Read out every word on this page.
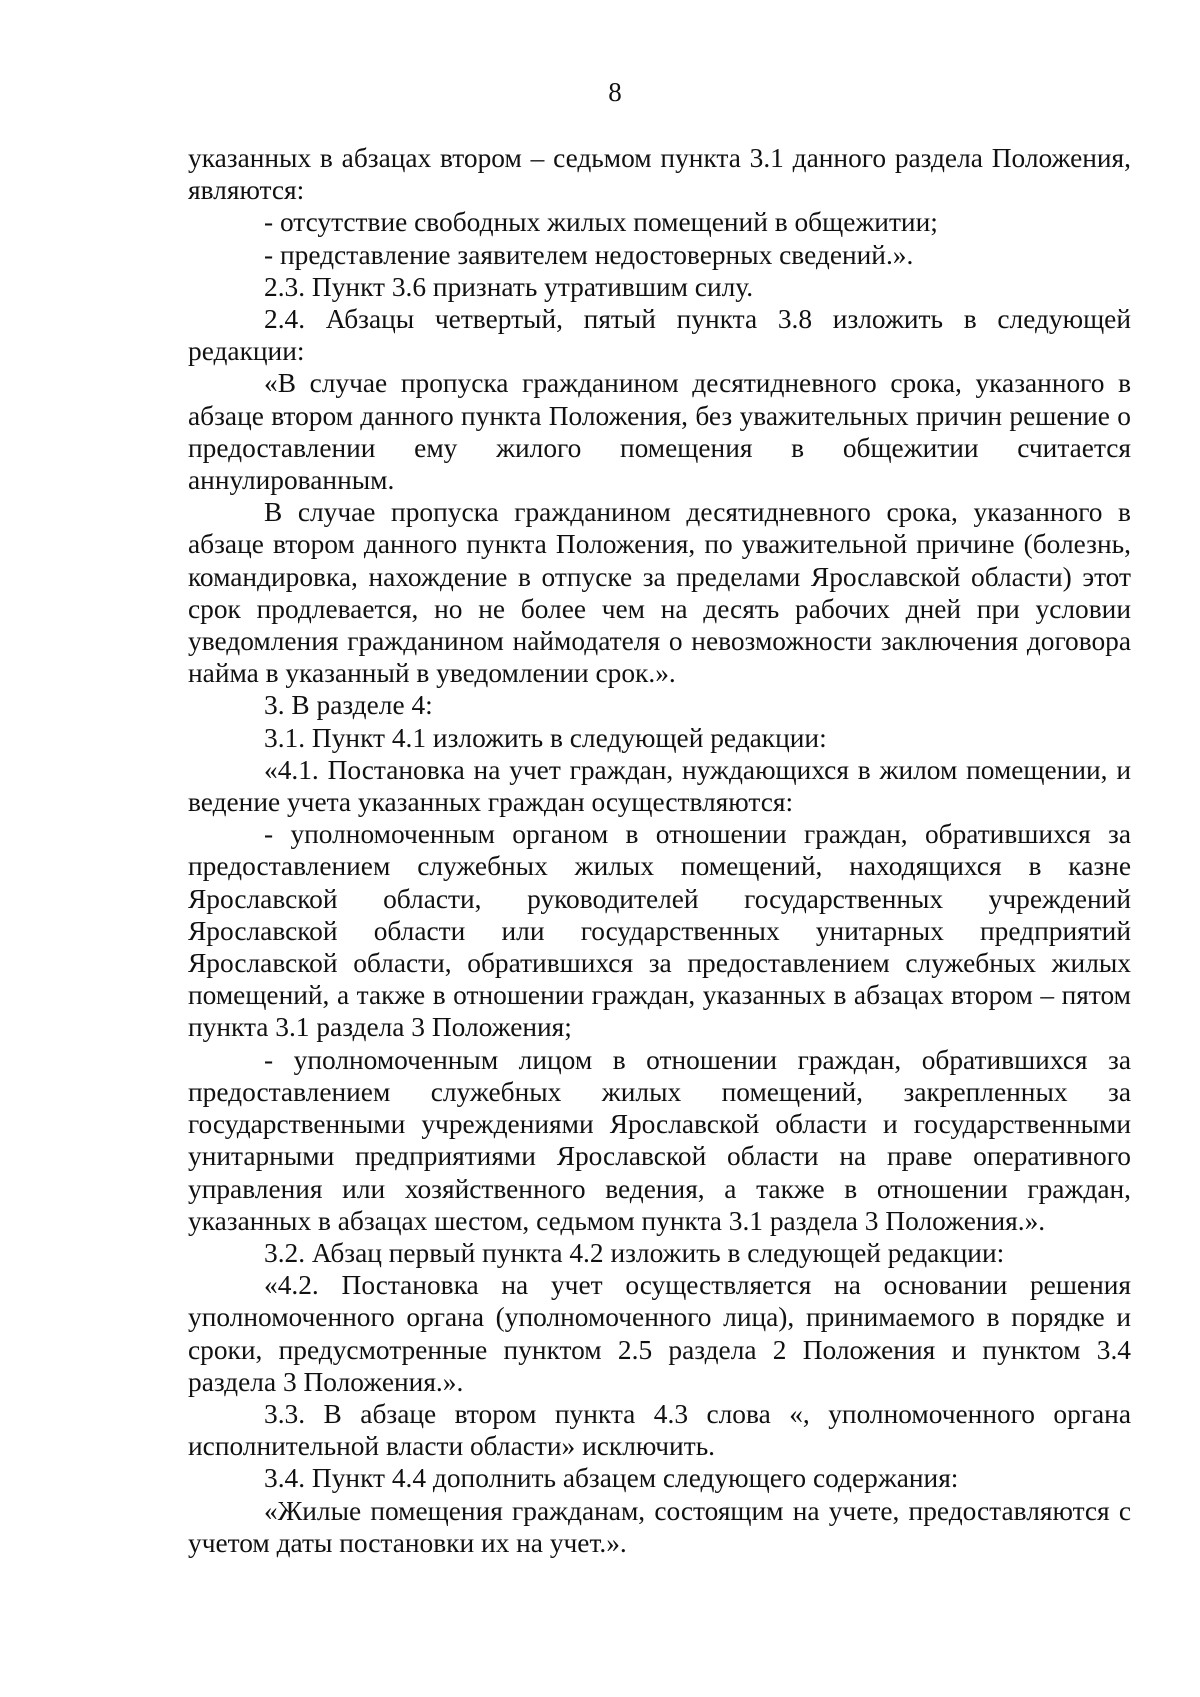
8

указанных в абзацах втором – седьмом пункта 3.1 данного раздела Положения, являются:

- отсутствие свободных жилых помещений в общежитии;

- представление заявителем недостоверных сведений.».

2.3. Пункт 3.6 признать утратившим силу.

2.4. Абзацы четвертый, пятый пункта 3.8 изложить в следующей редакции:

«В случае пропуска гражданином десятидневного срока, указанного в абзаце втором данного пункта Положения, без уважительных причин решение о предоставлении ему жилого помещения в общежитии считается аннулированным.

В случае пропуска гражданином десятидневного срока, указанного в абзаце втором данного пункта Положения, по уважительной причине (болезнь, командировка, нахождение в отпуске за пределами Ярославской области) этот срок продлевается, но не более чем на десять рабочих дней при условии уведомления гражданином наймодателя о невозможности заключения договора найма в указанный в уведомлении срок.».

3. В разделе 4:

3.1. Пункт 4.1 изложить в следующей редакции:

«4.1. Постановка на учет граждан, нуждающихся в жилом помещении, и ведение учета указанных граждан осуществляются:

- уполномоченным органом в отношении граждан, обратившихся за предоставлением служебных жилых помещений, находящихся в казне Ярославской области, руководителей государственных учреждений Ярославской области или государственных унитарных предприятий Ярославской области, обратившихся за предоставлением служебных жилых помещений, а также в отношении граждан, указанных в абзацах втором – пятом пункта 3.1 раздела 3 Положения;

- уполномоченным лицом в отношении граждан, обратившихся за предоставлением служебных жилых помещений, закрепленных за государственными учреждениями Ярославской области и государственными унитарными предприятиями Ярославской области на праве оперативного управления или хозяйственного ведения, а также в отношении граждан, указанных в абзацах шестом, седьмом пункта 3.1 раздела 3 Положения.».

3.2. Абзац первый пункта 4.2 изложить в следующей редакции:

«4.2. Постановка на учет осуществляется на основании решения уполномоченного органа (уполномоченного лица), принимаемого в порядке и сроки, предусмотренные пунктом 2.5 раздела 2 Положения и пунктом 3.4 раздела 3 Положения.».

3.3. В абзаце втором пункта 4.3 слова «, уполномоченного органа исполнительной власти области» исключить.

3.4. Пункт 4.4 дополнить абзацем следующего содержания:

«Жилые помещения гражданам, состоящим на учете, предоставляются с учетом даты постановки их на учет.».
